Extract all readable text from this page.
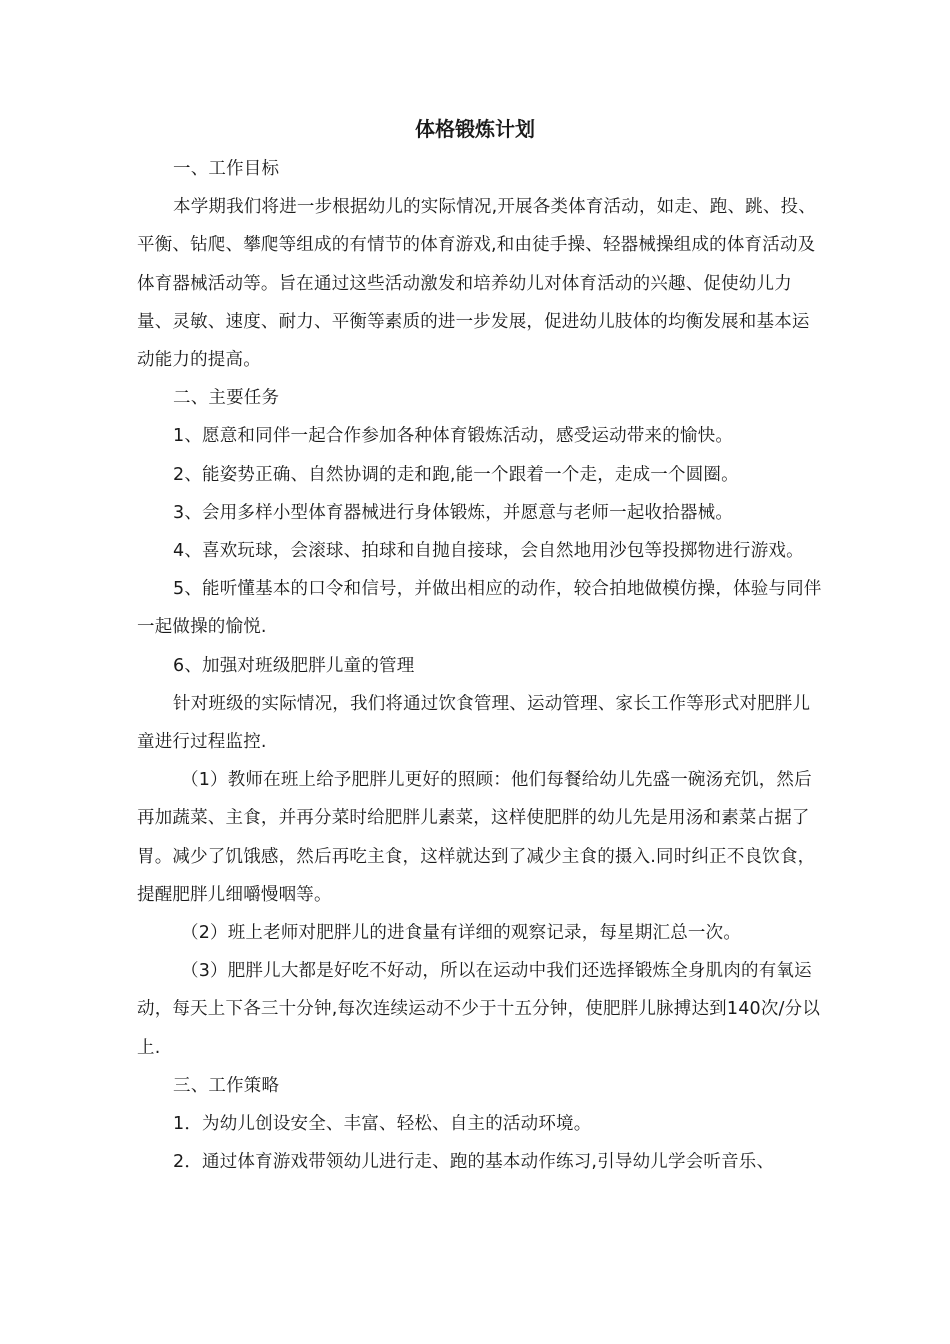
体格锻炼计划

一、工作目标

本学期我们将进一步根据幼儿的实际情况,开展各类体育活动，如走、跑、跳、投、平衡、钻爬、攀爬等组成的有情节的体育游戏,和由徒手操、轻器械操组成的体育活动及体育器械活动等。旨在通过这些活动激发和培养幼儿对体育活动的兴趣、促使幼儿力量、灵敏、速度、耐力、平衡等素质的进一步发展，促进幼儿肢体的均衡发展和基本运动能力的提高。

二、主要任务

1、愿意和同伴一起合作参加各种体育锻炼活动，感受运动带来的愉快。

2、能姿势正确、自然协调的走和跑,能一个跟着一个走，走成一个圆圈。

3、会用多样小型体育器械进行身体锻炼，并愿意与老师一起收拾器械。

4、喜欢玩球，会滚球、拍球和自抛自接球，会自然地用沙包等投掷物进行游戏。

5、能听懂基本的口令和信号，并做出相应的动作，较合拍地做模仿操，体验与同伴一起做操的愉悦.

6、加强对班级肥胖儿童的管理

针对班级的实际情况，我们将通过饮食管理、运动管理、家长工作等形式对肥胖儿童进行过程监控.

（1）教师在班上给予肥胖儿更好的照顾：他们每餐给幼儿先盛一碗汤充饥，然后再加蔬菜、主食，并再分菜时给肥胖儿素菜，这样使肥胖的幼儿先是用汤和素菜占据了胃。减少了饥饿感，然后再吃主食，这样就达到了减少主食的摄入.同时纠正不良饮食，提醒肥胖儿细嚼慢咽等。

（2）班上老师对肥胖儿的进食量有详细的观察记录，每星期汇总一次。

（3）肥胖儿大都是好吃不好动，所以在运动中我们还选择锻炼全身肌肉的有氧运动，每天上下各三十分钟,每次连续运动不少于十五分钟，使肥胖儿脉搏达到140次/分以上.

三、工作策略

1．为幼儿创设安全、丰富、轻松、自主的活动环境。

2．通过体育游戏带领幼儿进行走、跑的基本动作练习,引导幼儿学会听音乐、
